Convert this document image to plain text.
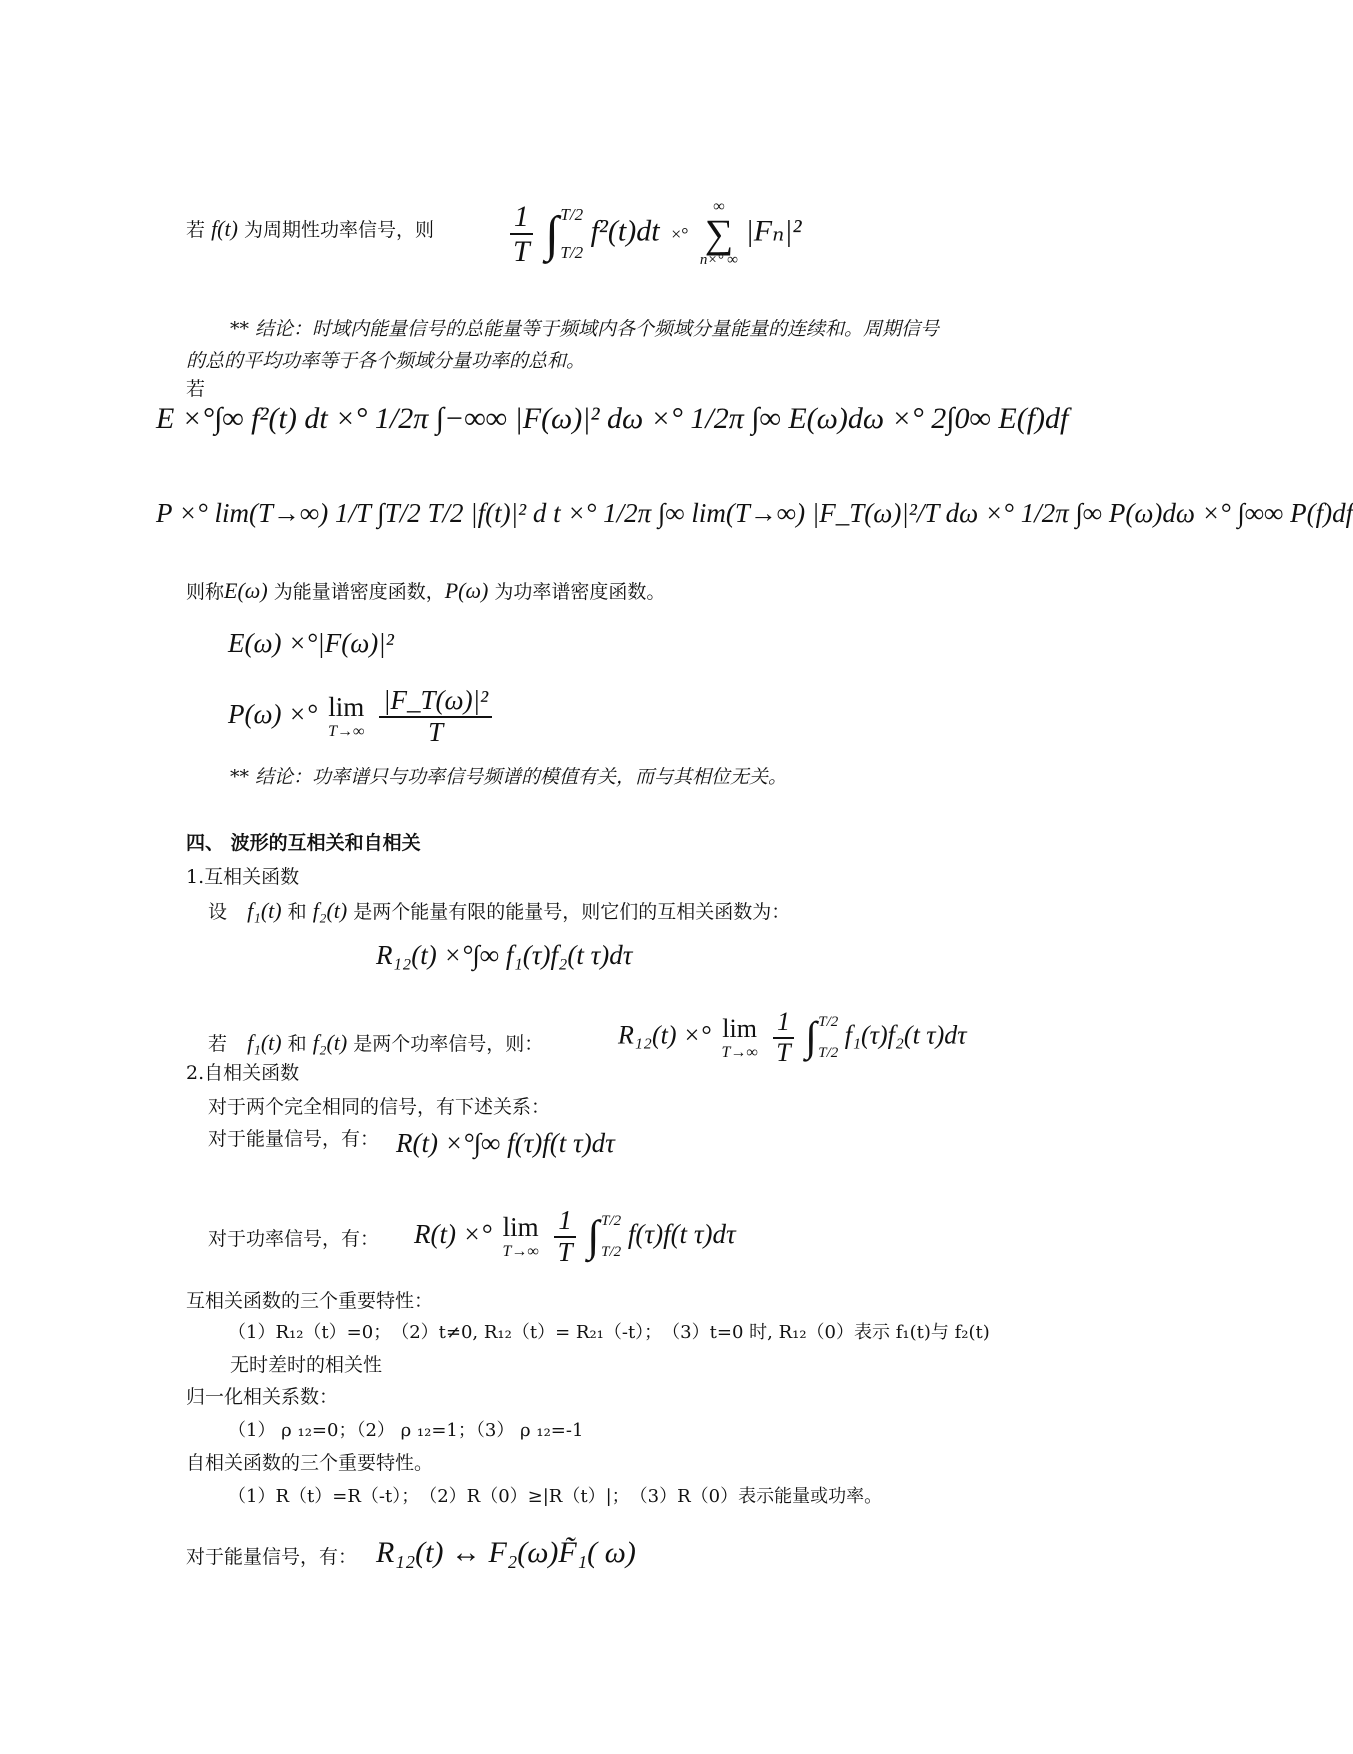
若 f(t) 为周期性功率信号，则 $\frac{1}{T}$ ∫ T/2
T/2
f²(t)dt ×°
∞
∑
n×° ∞
|Fₙ|²
** 结论：时域内能量信号的总能量等于频域内各个频域分量能量的连续和。周期信号
的总的平均功率等于各个频域分量功率的总和。
若
E ×°∫∞ f²(t) dt ×° 1/2π ∫−∞∞ |F(ω)|² dω ×° 1/2π ∫∞ E(ω)dω ×° 2∫0∞ E(f)df
P ×° lim(T→∞) 1/T ∫T/2 T/2 |f(t)|² d t ×° 1/2π ∫∞ lim(T→∞) |F_T(ω)|²/T dω ×° 1/2π ∫∞ P(ω)dω ×° ∫∞∞ P(f)df
则称E(ω) 为能量谱密度函数，P(ω) 为功率谱密度函数。
E(ω) ×°|F(ω)|²
P(ω) ×° lim
T→∞
$\frac{\text{|F\_T(ω)|²}}{T}$
** 结论：功率谱只与功率信号频谱的模值有关，而与其相位无关。
四、 波形的互相关和自相关
1.互相关函数
设 f₁(t) 和 f₂(t) 是两个能量有限的能量号，则它们的互相关函数为：
R₁₂(t) ×°∫∞ f₁(τ)f₂(t τ)dτ
若 f₁(t) 和 f₂(t) 是两个功率信号，则：	R₁₂(t) ×° lim
T→∞
$\frac{1}{T}$ ∫ T/2
T/2
f₁(τ)f₂(t τ)dτ
2.自相关函数
对于两个完全相同的信号，有下述关系：
对于能量信号，有： R(t) ×°∫∞ f(τ)f(t τ)dτ
对于功率信号，有： R(t) ×° lim
T→∞
$\frac{1}{T}$ ∫ T/2
T/2
f(τ)f(t τ)dτ
互相关函数的三个重要特性：
（1）R₁₂（t）=0；　（2）t≠0, R₁₂（t）= R₂₁（-t）；　（3）t=0 时, R₁₂（0）表示 f₁(t)与 f₂(t)
无时差时的相关性
归一化相关系数：
（1） ρ ₁₂=0；（2） ρ ₁₂=1；（3） ρ ₁₂=-1
自相关函数的三个重要特性。
（1）R（t）=R（-t）；　（2）R（0）≥|R（t）|；　（3）R（0）表示能量或功率。
对于能量信号，有： R₁₂(t) ↔ F₂(ω)F̃₁( ω)
